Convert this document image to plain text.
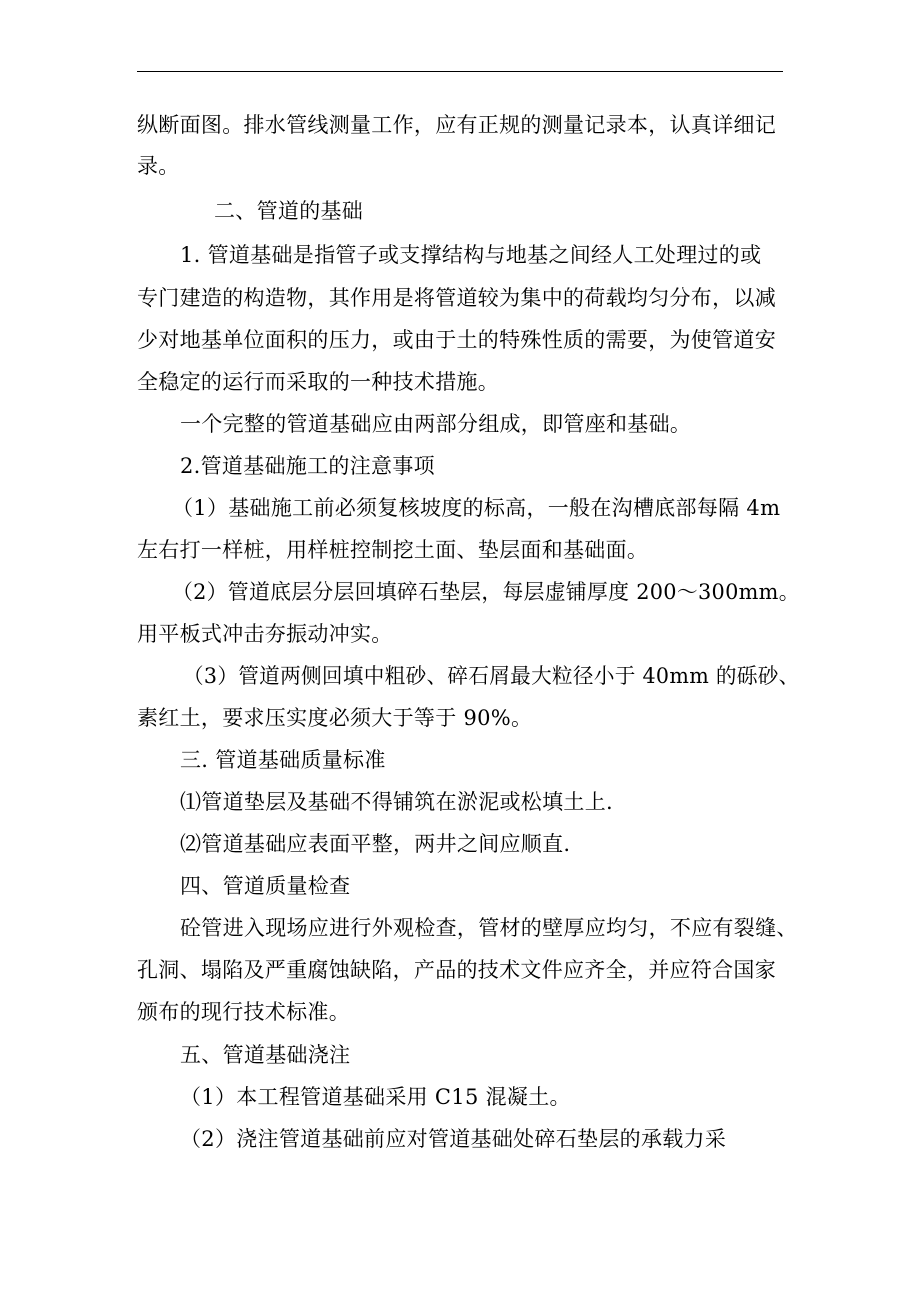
纵断面图。排水管线测量工作，应有正规的测量记录本，认真详细记
录。
二、管道的基础
1. 管道基础是指管子或支撑结构与地基之间经人工处理过的或
专门建造的构造物，其作用是将管道较为集中的荷载均匀分布，以减
少对地基单位面积的压力，或由于土的特殊性质的需要，为使管道安
全稳定的运行而采取的一种技术措施。
一个完整的管道基础应由两部分组成，即管座和基础。
2.管道基础施工的注意事项
（1）基础施工前必须复核坡度的标高，一般在沟槽底部每隔 4m
左右打一样桩，用样桩控制挖土面、垫层面和基础面。
（2）管道底层分层回填碎石垫层，每层虚铺厚度 200～300mm。
用平板式冲击夯振动冲实。
（3）管道两侧回填中粗砂、碎石屑最大粒径小于 40mm 的砾砂、
素红土，要求压实度必须大于等于 90%。
三. 管道基础质量标准
⑴管道垫层及基础不得铺筑在淤泥或松填土上.
⑵管道基础应表面平整，两井之间应顺直.
四、管道质量检查
砼管进入现场应进行外观检查，管材的壁厚应均匀，不应有裂缝、
孔洞、塌陷及严重腐蚀缺陷，产品的技术文件应齐全，并应符合国家
颁布的现行技术标准。
五、管道基础浇注
（1）本工程管道基础采用 C15 混凝土。
（2）浇注管道基础前应对管道基础处碎石垫层的承载力采
